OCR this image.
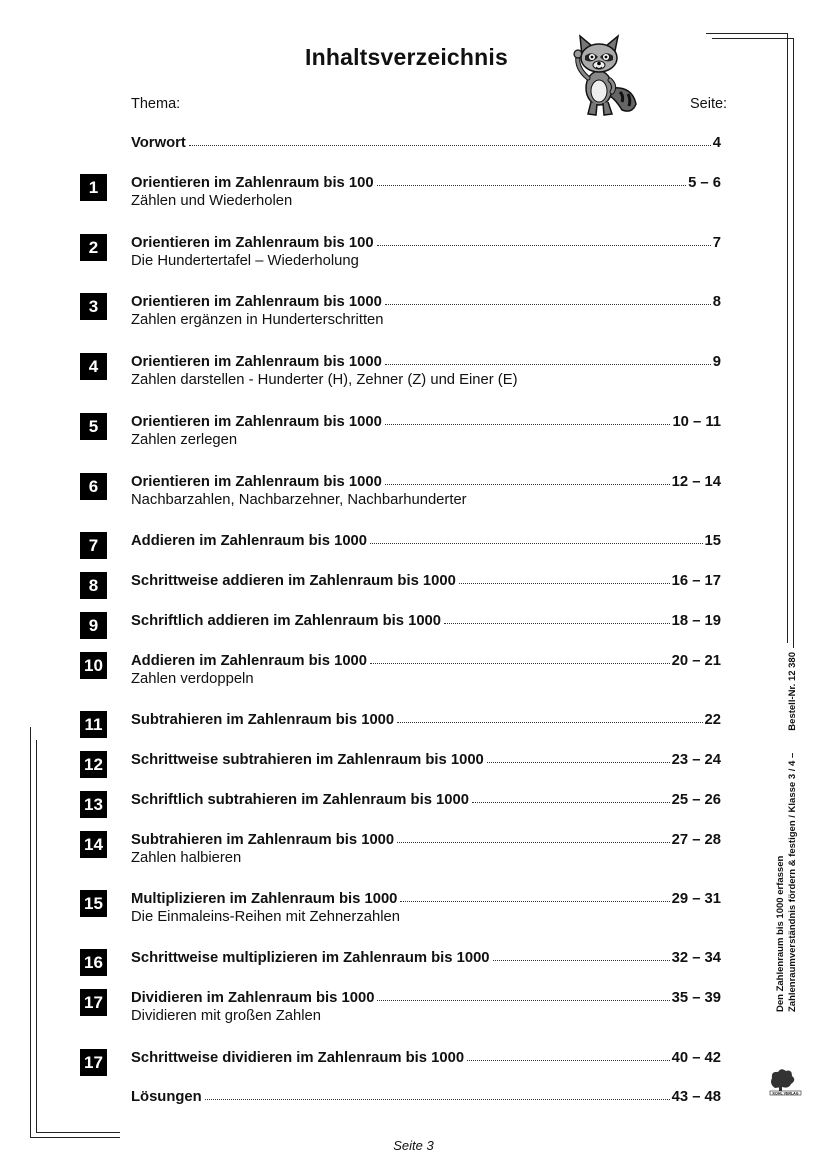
Inhaltsverzeichnis
Thema:	Seite:
Vorwort	4
1	Orientieren im Zahlenraum bis 100	5 – 6
Zählen und Wiederholen
2	Orientieren im Zahlenraum bis 100	7
Die Hundertertafel – Wiederholung
3	Orientieren im Zahlenraum bis 1000	8
Zahlen ergänzen in Hunderterschritten
4	Orientieren im Zahlenraum bis 1000	9
Zahlen darstellen - Hunderter (H), Zehner (Z) und Einer (E)
5	Orientieren im Zahlenraum bis 1000	10 – 11
Zahlen zerlegen
6	Orientieren im Zahlenraum bis 1000	12 – 14
Nachbarzahlen, Nachbarzehner, Nachbarhunderter
7	Addieren im Zahlenraum bis 1000	15
8	Schrittweise addieren im Zahlenraum bis 1000	16 – 17
9	Schriftlich addieren im Zahlenraum bis 1000	18 – 19
10 Addieren im Zahlenraum bis 1000	20 – 21
Zahlen verdoppeln
11	Subtrahieren im Zahlenraum bis 1000	22
12 Schrittweise subtrahieren im Zahlenraum bis 1000	23 – 24
13 Schriftlich subtrahieren im Zahlenraum bis 1000	25 – 26
14 Subtrahieren im Zahlenraum bis 1000	27 – 28
Zahlen halbieren
15 Multiplizieren im Zahlenraum bis 1000	29 – 31
Die Einmaleins-Reihen mit Zehnerzahlen
16 Schrittweise multiplizieren im Zahlenraum bis 1000	32 – 34
17 Dividieren im Zahlenraum bis 1000	35 – 39
Dividieren mit großen Zahlen
17 Schrittweise dividieren im Zahlenraum bis 1000	40 – 42
Lösungen	43 – 48
Den Zahlenraum bis 1000 erfassen Zahlenraumverständnis fördern & festigen / Klasse 3 / 4 –
Bestell-Nr. 12 380
KOHL VERLAG
Seite 3
